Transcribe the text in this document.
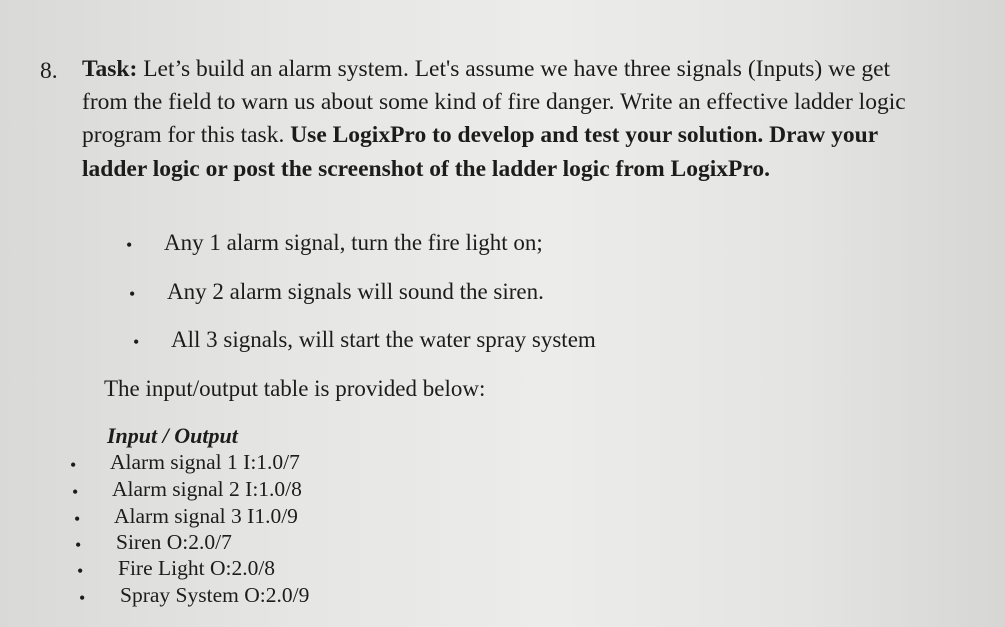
8. Task: Let’s build an alarm system. Let's assume we have three signals (Inputs) we get
from the field to warn us about some kind of fire danger. Write an effective ladder logic
program for this task. Use LogixPro to develop and test your solution. Draw your
ladder logic or post the screenshot of the ladder logic from LogixPro.
• Any 1 alarm signal, turn the fire light on;
• Any 2 alarm signals will sound the siren.
• All 3 signals, will start the water spray system
The input/output table is provided below:
Input / Output
• Alarm signal 1 I:1.0/7
• Alarm signal 2 I:1.0/8
• Alarm signal 3 I1.0/9
• Siren O:2.0/7
• Fire Light O:2.0/8
• Spray System O:2.0/9
